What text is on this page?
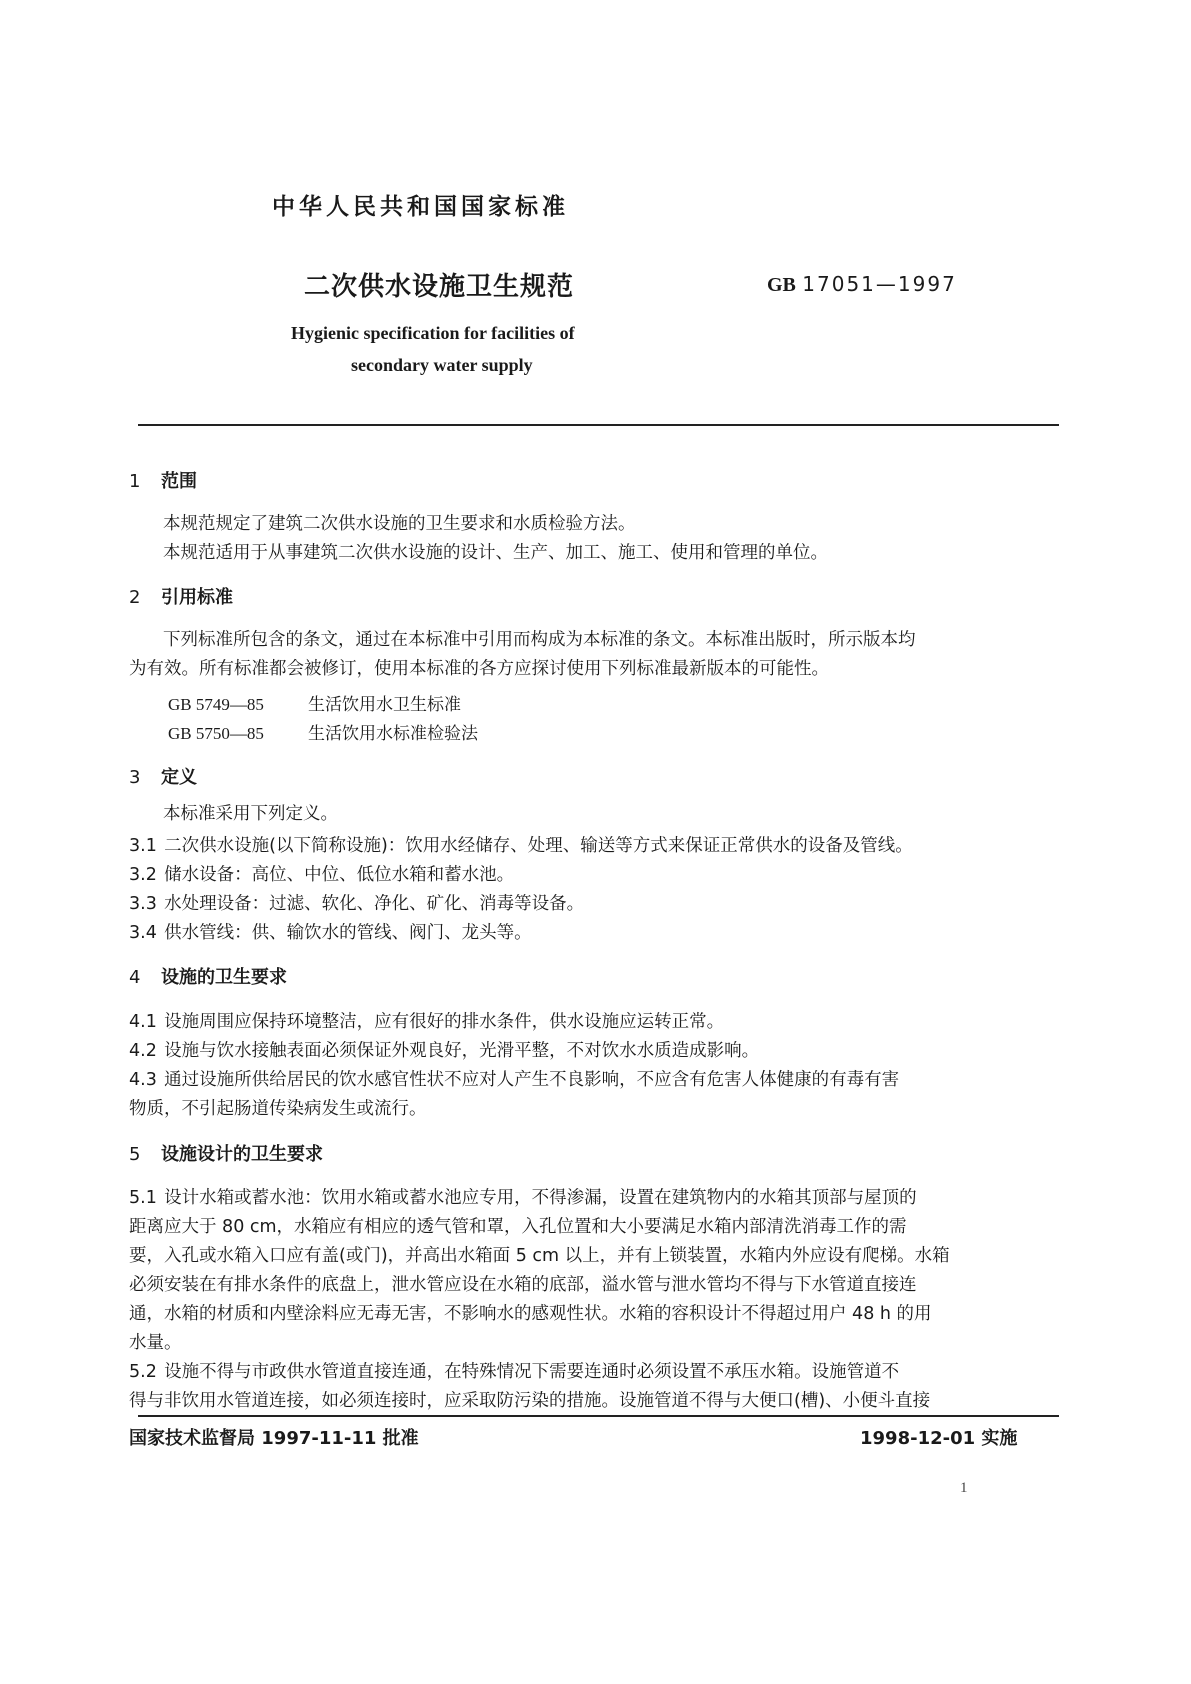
中华人民共和国国家标准
二次供水设施卫生规范	GB 17051—1997
Hygienic specification for facilities of
secondary water supply
1 范围
本规范规定了建筑二次供水设施的卫生要求和水质检验方法。
本规范适用于从事建筑二次供水设施的设计、生产、加工、施工、使用和管理的单位。
2 引用标准
下列标准所包含的条文，通过在本标准中引用而构成为本标准的条文。本标准出版时，所示版本均
为有效。所有标准都会被修订，使用本标准的各方应探讨使用下列标准最新版本的可能性。
GB 5749—85	生活饮用水卫生标准
GB 5750—85	生活饮用水标准检验法
3 定义
本标准采用下列定义。
3.1 二次供水设施(以下简称设施)：饮用水经储存、处理、输送等方式来保证正常供水的设备及管线。
3.2 储水设备：高位、中位、低位水箱和蓄水池。
3.3 水处理设备：过滤、软化、净化、矿化、消毒等设备。
3.4 供水管线：供、输饮水的管线、阀门、龙头等。
4 设施的卫生要求
4.1 设施周围应保持环境整洁，应有很好的排水条件，供水设施应运转正常。
4.2 设施与饮水接触表面必须保证外观良好，光滑平整，不对饮水水质造成影响。
4.3 通过设施所供给居民的饮水感官性状不应对人产生不良影响，不应含有危害人体健康的有毒有害
物质，不引起肠道传染病发生或流行。
5 设施设计的卫生要求
5.1 设计水箱或蓄水池：饮用水箱或蓄水池应专用，不得渗漏，设置在建筑物内的水箱其顶部与屋顶的
距离应大于 80 cm，水箱应有相应的透气管和罩，入孔位置和大小要满足水箱内部清洗消毒工作的需
要，入孔或水箱入口应有盖(或门)，并高出水箱面 5 cm 以上，并有上锁装置，水箱内外应设有爬梯。水箱
必须安装在有排水条件的底盘上，泄水管应设在水箱的底部，溢水管与泄水管均不得与下水管道直接连
通，水箱的材质和内壁涂料应无毒无害，不影响水的感观性状。水箱的容积设计不得超过用户 48 h 的用
水量。
5.2 设施不得与市政供水管道直接连通，在特殊情况下需要连通时必须设置不承压水箱。设施管道不
得与非饮用水管道连接，如必须连接时，应采取防污染的措施。设施管道不得与大便口(槽)、小便斗直接
国家技术监督局 1997-11-11 批准	1998-12-01 实施
1
